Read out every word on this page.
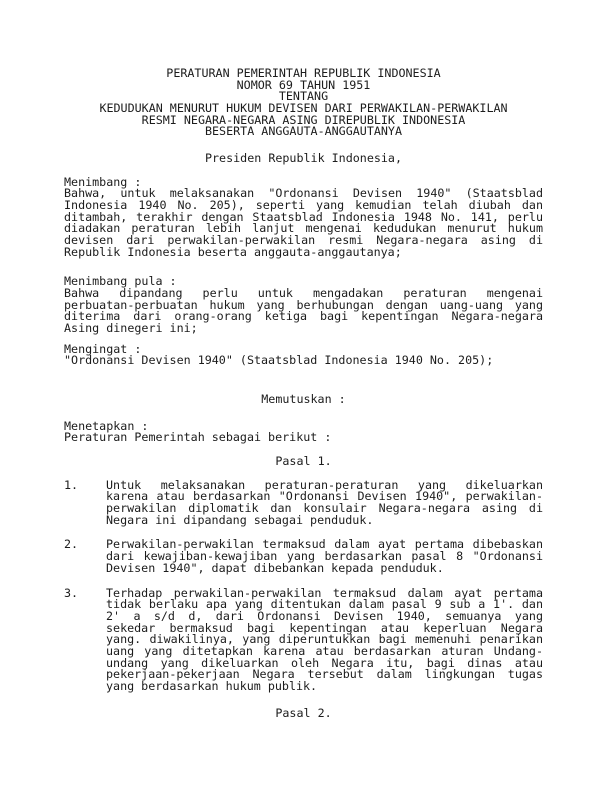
PERATURAN PEMERINTAH REPUBLIK INDONESIA
NOMOR 69 TAHUN 1951
TENTANG
KEDUDUKAN MENURUT HUKUM DEVISEN DARI PERWAKILAN-PERWAKILAN
RESMI NEGARA-NEGARA ASING DIREPUBLIK INDONESIA
BESERTA ANGGAUTA-ANGGAUTANYA
Presiden Republik Indonesia,
Menimbang :
Bahwa, untuk melaksanakan "Ordonansi Devisen 1940" (Staatsblad
Indonesia 1940 No. 205), seperti yang kemudian telah diubah dan
ditambah, terakhir dengan Staatsblad Indonesia 1948 No. 141, perlu
diadakan peraturan lebih lanjut mengenai kedudukan menurut hukum
devisen dari perwakilan-perwakilan resmi Negara-negara asing di
Republik Indonesia beserta anggauta-anggautanya;
Menimbang pula :
Bahwa dipandang perlu untuk mengadakan peraturan mengenai
perbuatan-perbuatan hukum yang berhubungan dengan uang-uang yang
diterima dari orang-orang ketiga bagi kepentingan Negara-negara
Asing dinegeri ini;
Mengingat :
"Ordonansi Devisen 1940" (Staatsblad Indonesia 1940 No. 205);
Memutuskan :
Menetapkan :
Peraturan Pemerintah sebagai berikut :
Pasal 1.
1. Untuk melaksanakan peraturan-peraturan yang dikeluarkan
karena atau berdasarkan "Ordonansi Devisen 1940", perwakilan-
perwakilan diplomatik dan konsulair Negara-negara asing di
Negara ini dipandang sebagai penduduk.
2. Perwakilan-perwakilan termaksud dalam ayat pertama dibebaskan
dari kewajiban-kewajiban yang berdasarkan pasal 8 "Ordonansi
Devisen 1940", dapat dibebankan kepada penduduk.
3. Terhadap perwakilan-perwakilan termaksud dalam ayat pertama
tidak berlaku apa yang ditentukan dalam pasal 9 sub a 1'. dan
2' a s/d d, dari Ordonansi Devisen 1940, semuanya yang
sekedar bermaksud bagi kepentingan atau keperluan Negara
yang. diwakilinya, yang diperuntukkan bagi memenuhi penarikan
uang yang ditetapkan karena atau berdasarkan aturan Undang-
undang yang dikeluarkan oleh Negara itu, bagi dinas atau
pekerjaan-pekerjaan Negara tersebut dalam lingkungan tugas
yang berdasarkan hukum publik.
Pasal 2.
